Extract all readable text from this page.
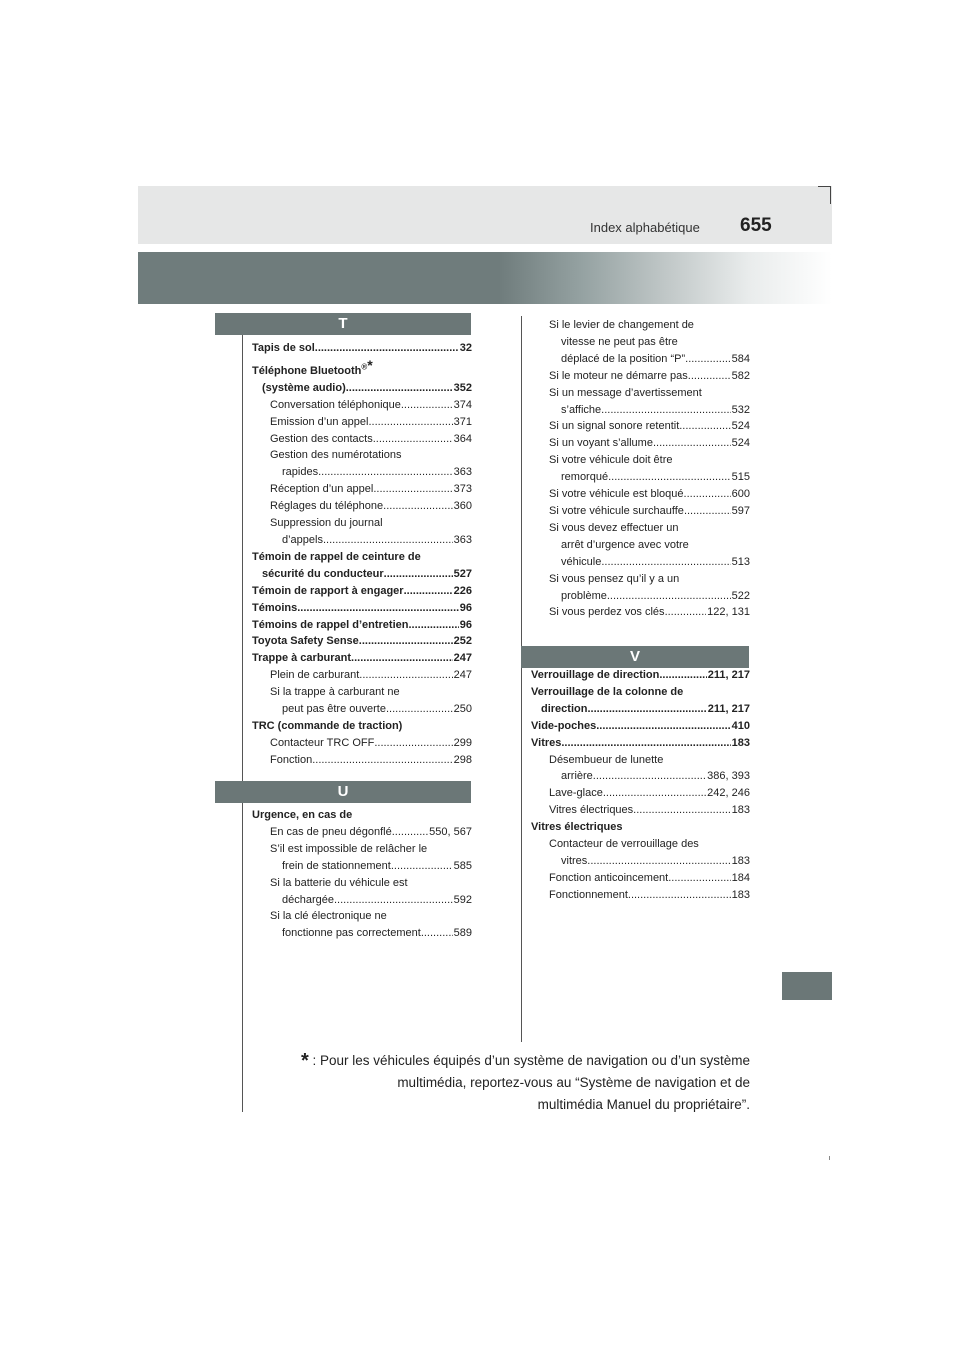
Index alphabétique 655
T
U
V
Tapis de sol .....	32
Téléphone Bluetooth®*
(système audio) .....	352
Conversation téléphonique .....	374
Emission d’un appel .....	371
Gestion des contacts .....	364
Gestion des numérotations
rapides .....	363
Réception d’un appel .....	373
Réglages du téléphone .....	360
Suppression du journal
d’appels .....	363
Témoin de rappel de ceinture de
sécurité du conducteur .....	527
Témoin de rapport à engager .....	226
Témoins .....	96
Témoins de rappel d’entretien .....	96
Toyota Safety Sense .....	252
Trappe à carburant .....	247
Plein de carburant .....	247
Si la trappe à carburant ne
peut pas être ouverte .....	250
TRC (commande de traction)
Contacteur TRC OFF .....	299
Fonction .....	298
Urgence, en cas de
En cas de pneu dégonflé .....	550, 567
S’il est impossible de relâcher le
frein de stationnement .....	585
Si la batterie du véhicule est
déchargée .....	592
Si la clé électronique ne
fonctionne pas correctement .....	589
Si le levier de changement de
vitesse ne peut pas être
déplacé de la position “P” .....	584
Si le moteur ne démarre pas .....	582
Si un message d’avertissement
s’affiche .....	532
Si un signal sonore retentit .....	524
Si un voyant s’allume .....	524
Si votre véhicule doit être
remorqué .....	515
Si votre véhicule est bloqué .....	600
Si votre véhicule surchauffe .....	597
Si vous devez effectuer un
arrêt d’urgence avec votre
véhicule .....	513
Si vous pensez qu’il y a un
problème .....	522
Si vous perdez vos clés .....	122, 131
Verrouillage de direction .....	211, 217
Verrouillage de la colonne de
direction .....	211, 217
Vide-poches .....	410
Vitres .....	183
Désembueur de lunette
arrière .....	386, 393
Lave-glace .....	242, 246
Vitres électriques .....	183
Vitres électriques
Contacteur de verrouillage des
vitres .....	183
Fonction anticoincement .....	184
Fonctionnement .....	183
* : Pour les véhicules équipés d’un système de navigation ou d’un système
multimédia, reportez-vous au “Système de navigation et de
multimédia Manuel du propriétaire”.
